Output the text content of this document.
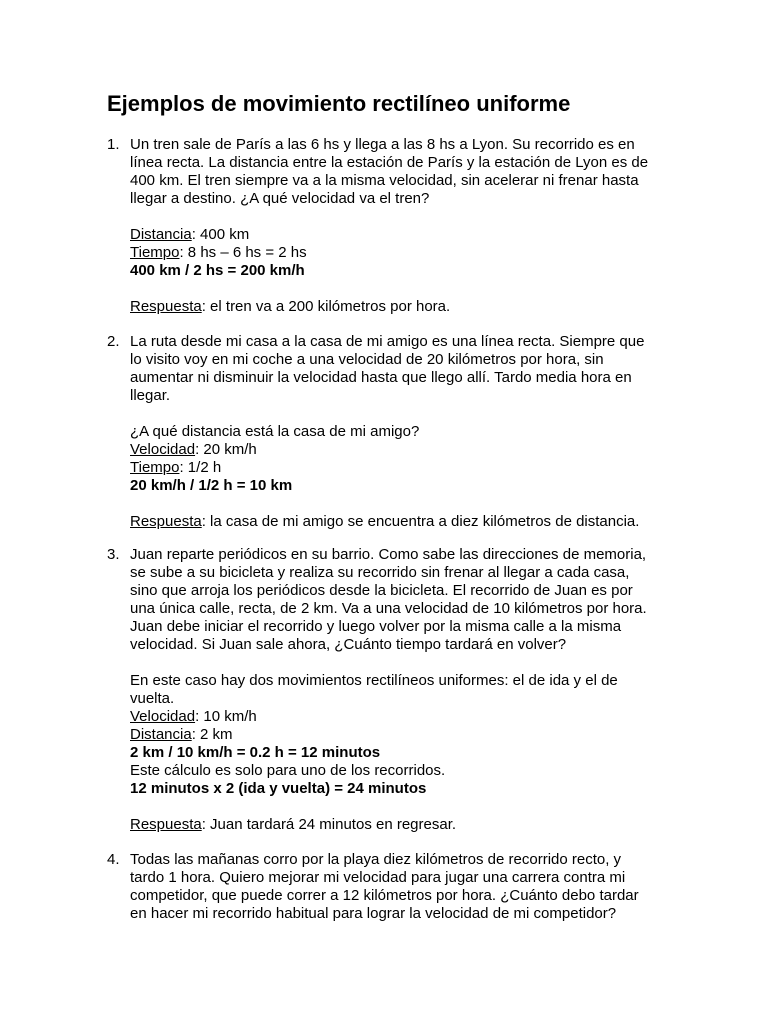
Ejemplos de movimiento rectilíneo uniforme
1. Un tren sale de París a las 6 hs y llega a las 8 hs a Lyon. Su recorrido es en
línea recta. La distancia entre la estación de París y la estación de Lyon es de
400 km. El tren siempre va a la misma velocidad, sin acelerar ni frenar hasta
llegar a destino. ¿A qué velocidad va el tren?
Distancia: 400 km
Tiempo: 8 hs – 6 hs = 2 hs
400 km / 2 hs = 200 km/h
Respuesta: el tren va a 200 kilómetros por hora.
2. La ruta desde mi casa a la casa de mi amigo es una línea recta. Siempre que
lo visito voy en mi coche a una velocidad de 20 kilómetros por hora, sin
aumentar ni disminuir la velocidad hasta que llego allí. Tardo media hora en
llegar.
¿A qué distancia está la casa de mi amigo?
Velocidad: 20 km/h
Tiempo: 1/2 h
20 km/h / 1/2 h = 10 km
Respuesta: la casa de mi amigo se encuentra a diez kilómetros de distancia.
3. Juan reparte periódicos en su barrio. Como sabe las direcciones de memoria,
se sube a su bicicleta y realiza su recorrido sin frenar al llegar a cada casa,
sino que arroja los periódicos desde la bicicleta. El recorrido de Juan es por
una única calle, recta, de 2 km. Va a una velocidad de 10 kilómetros por hora.
Juan debe iniciar el recorrido y luego volver por la misma calle a la misma
velocidad. Si Juan sale ahora, ¿Cuánto tiempo tardará en volver?
En este caso hay dos movimientos rectilíneos uniformes: el de ida y el de
vuelta.
Velocidad: 10 km/h
Distancia: 2 km
2 km / 10 km/h = 0.2 h = 12 minutos
Este cálculo es solo para uno de los recorridos.
12 minutos x 2 (ida y vuelta) = 24 minutos
Respuesta: Juan tardará 24 minutos en regresar.
4. Todas las mañanas corro por la playa diez kilómetros de recorrido recto, y
tardo 1 hora. Quiero mejorar mi velocidad para jugar una carrera contra mi
competidor, que puede correr a 12 kilómetros por hora. ¿Cuánto debo tardar
en hacer mi recorrido habitual para lograr la velocidad de mi competidor?
